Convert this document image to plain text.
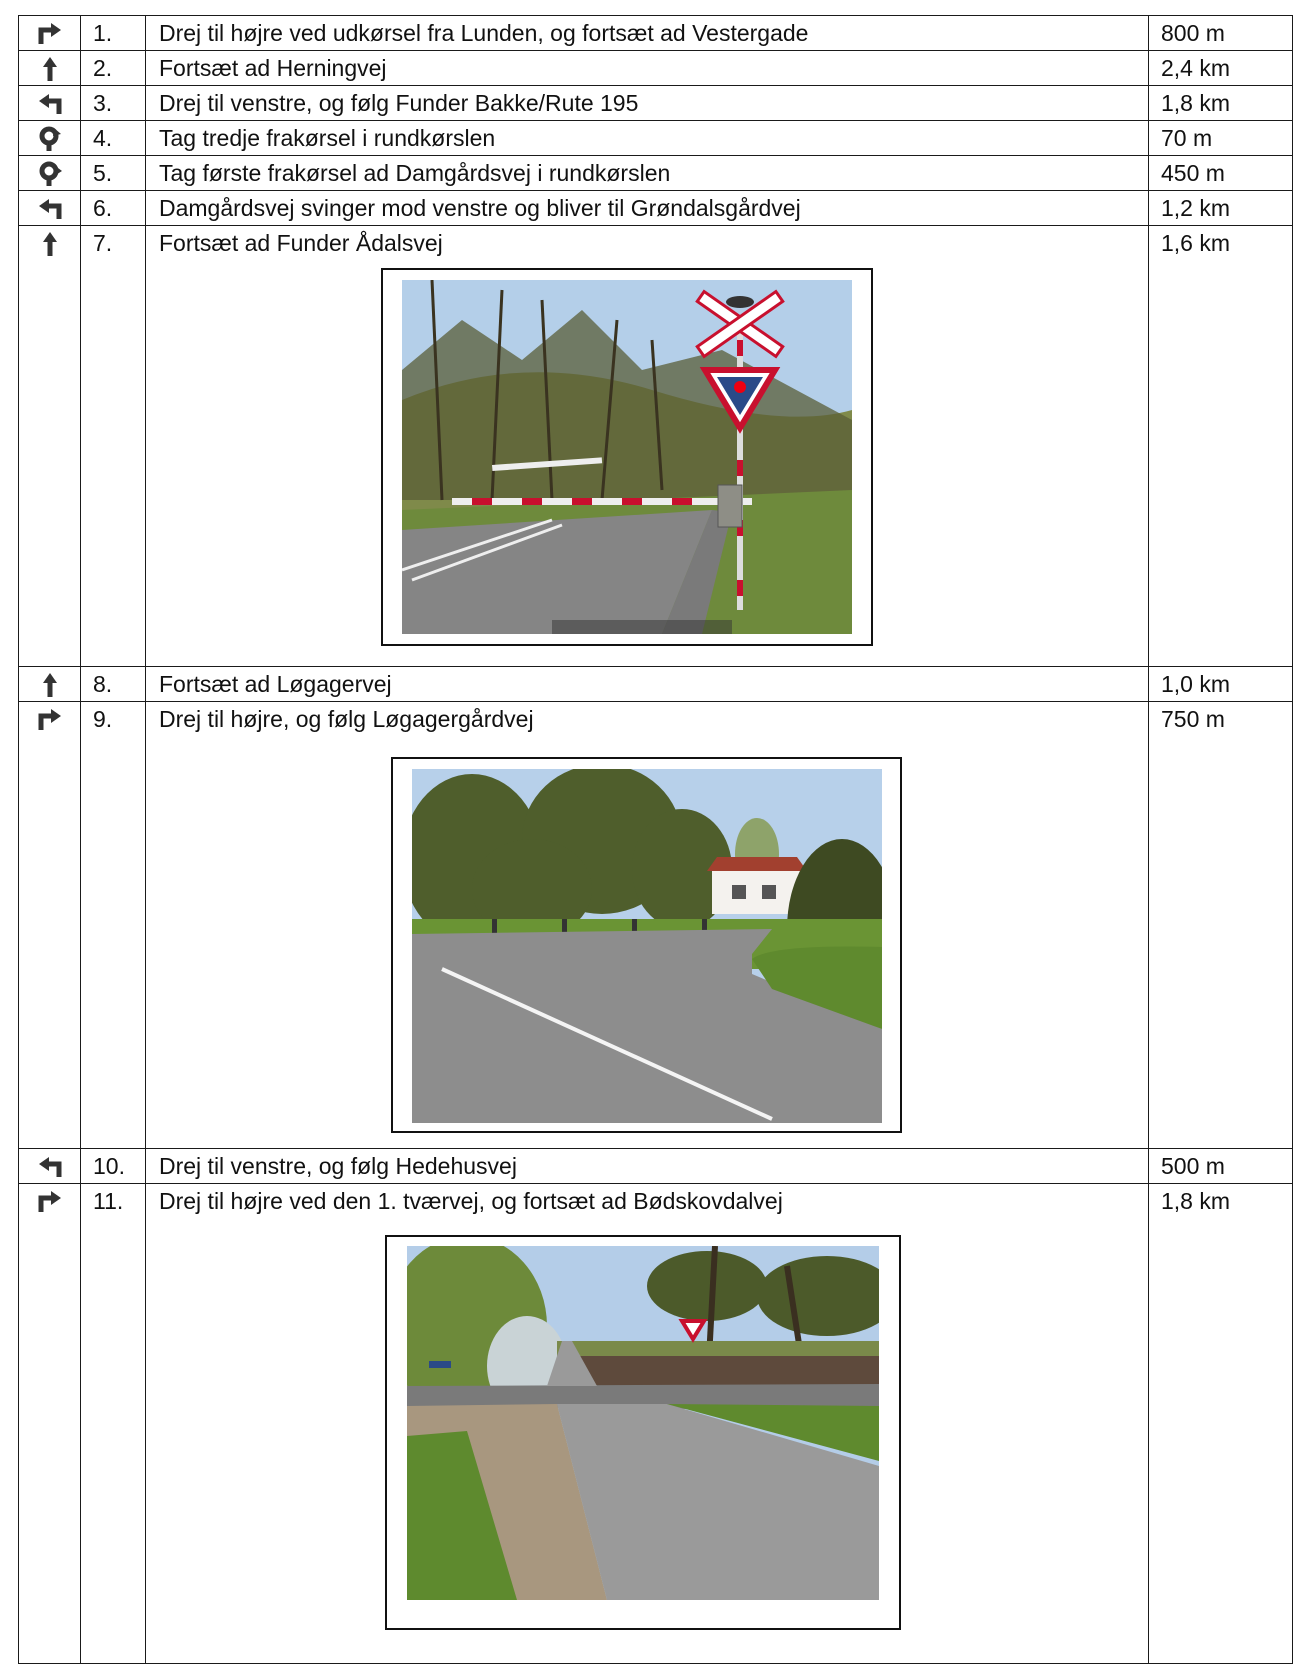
	1.	Drej til højre ved udkørsel fra Lunden, og fortsæt ad Vestergade	800 m

	2.	Fortsæt ad Herningvej	2,4 km

	3.	Drej til venstre, og følg Funder Bakke/Rute 195	1,8 km

	4.	Tag tredje frakørsel i rundkørslen	70 m

	5.	Tag første frakørsel ad Damgårdsvej i rundkørslen	450 m

	6.	Damgårdsvej svinger mod venstre og bliver til Grøndalsgårdvej	1,2 km

	7.	Fortsæt ad Funder Ådalsvej	1,6 km

	8.	Fortsæt ad Løgagervej	1,0 km

	9.	Drej til højre, og følg Løgagergårdvej	750 m

	10.	Drej til venstre, og følg Hedehusvej	500 m

	11.	Drej til højre ved den 1. tværvej, og fortsæt ad Bødskovdalvej	1,8 km
